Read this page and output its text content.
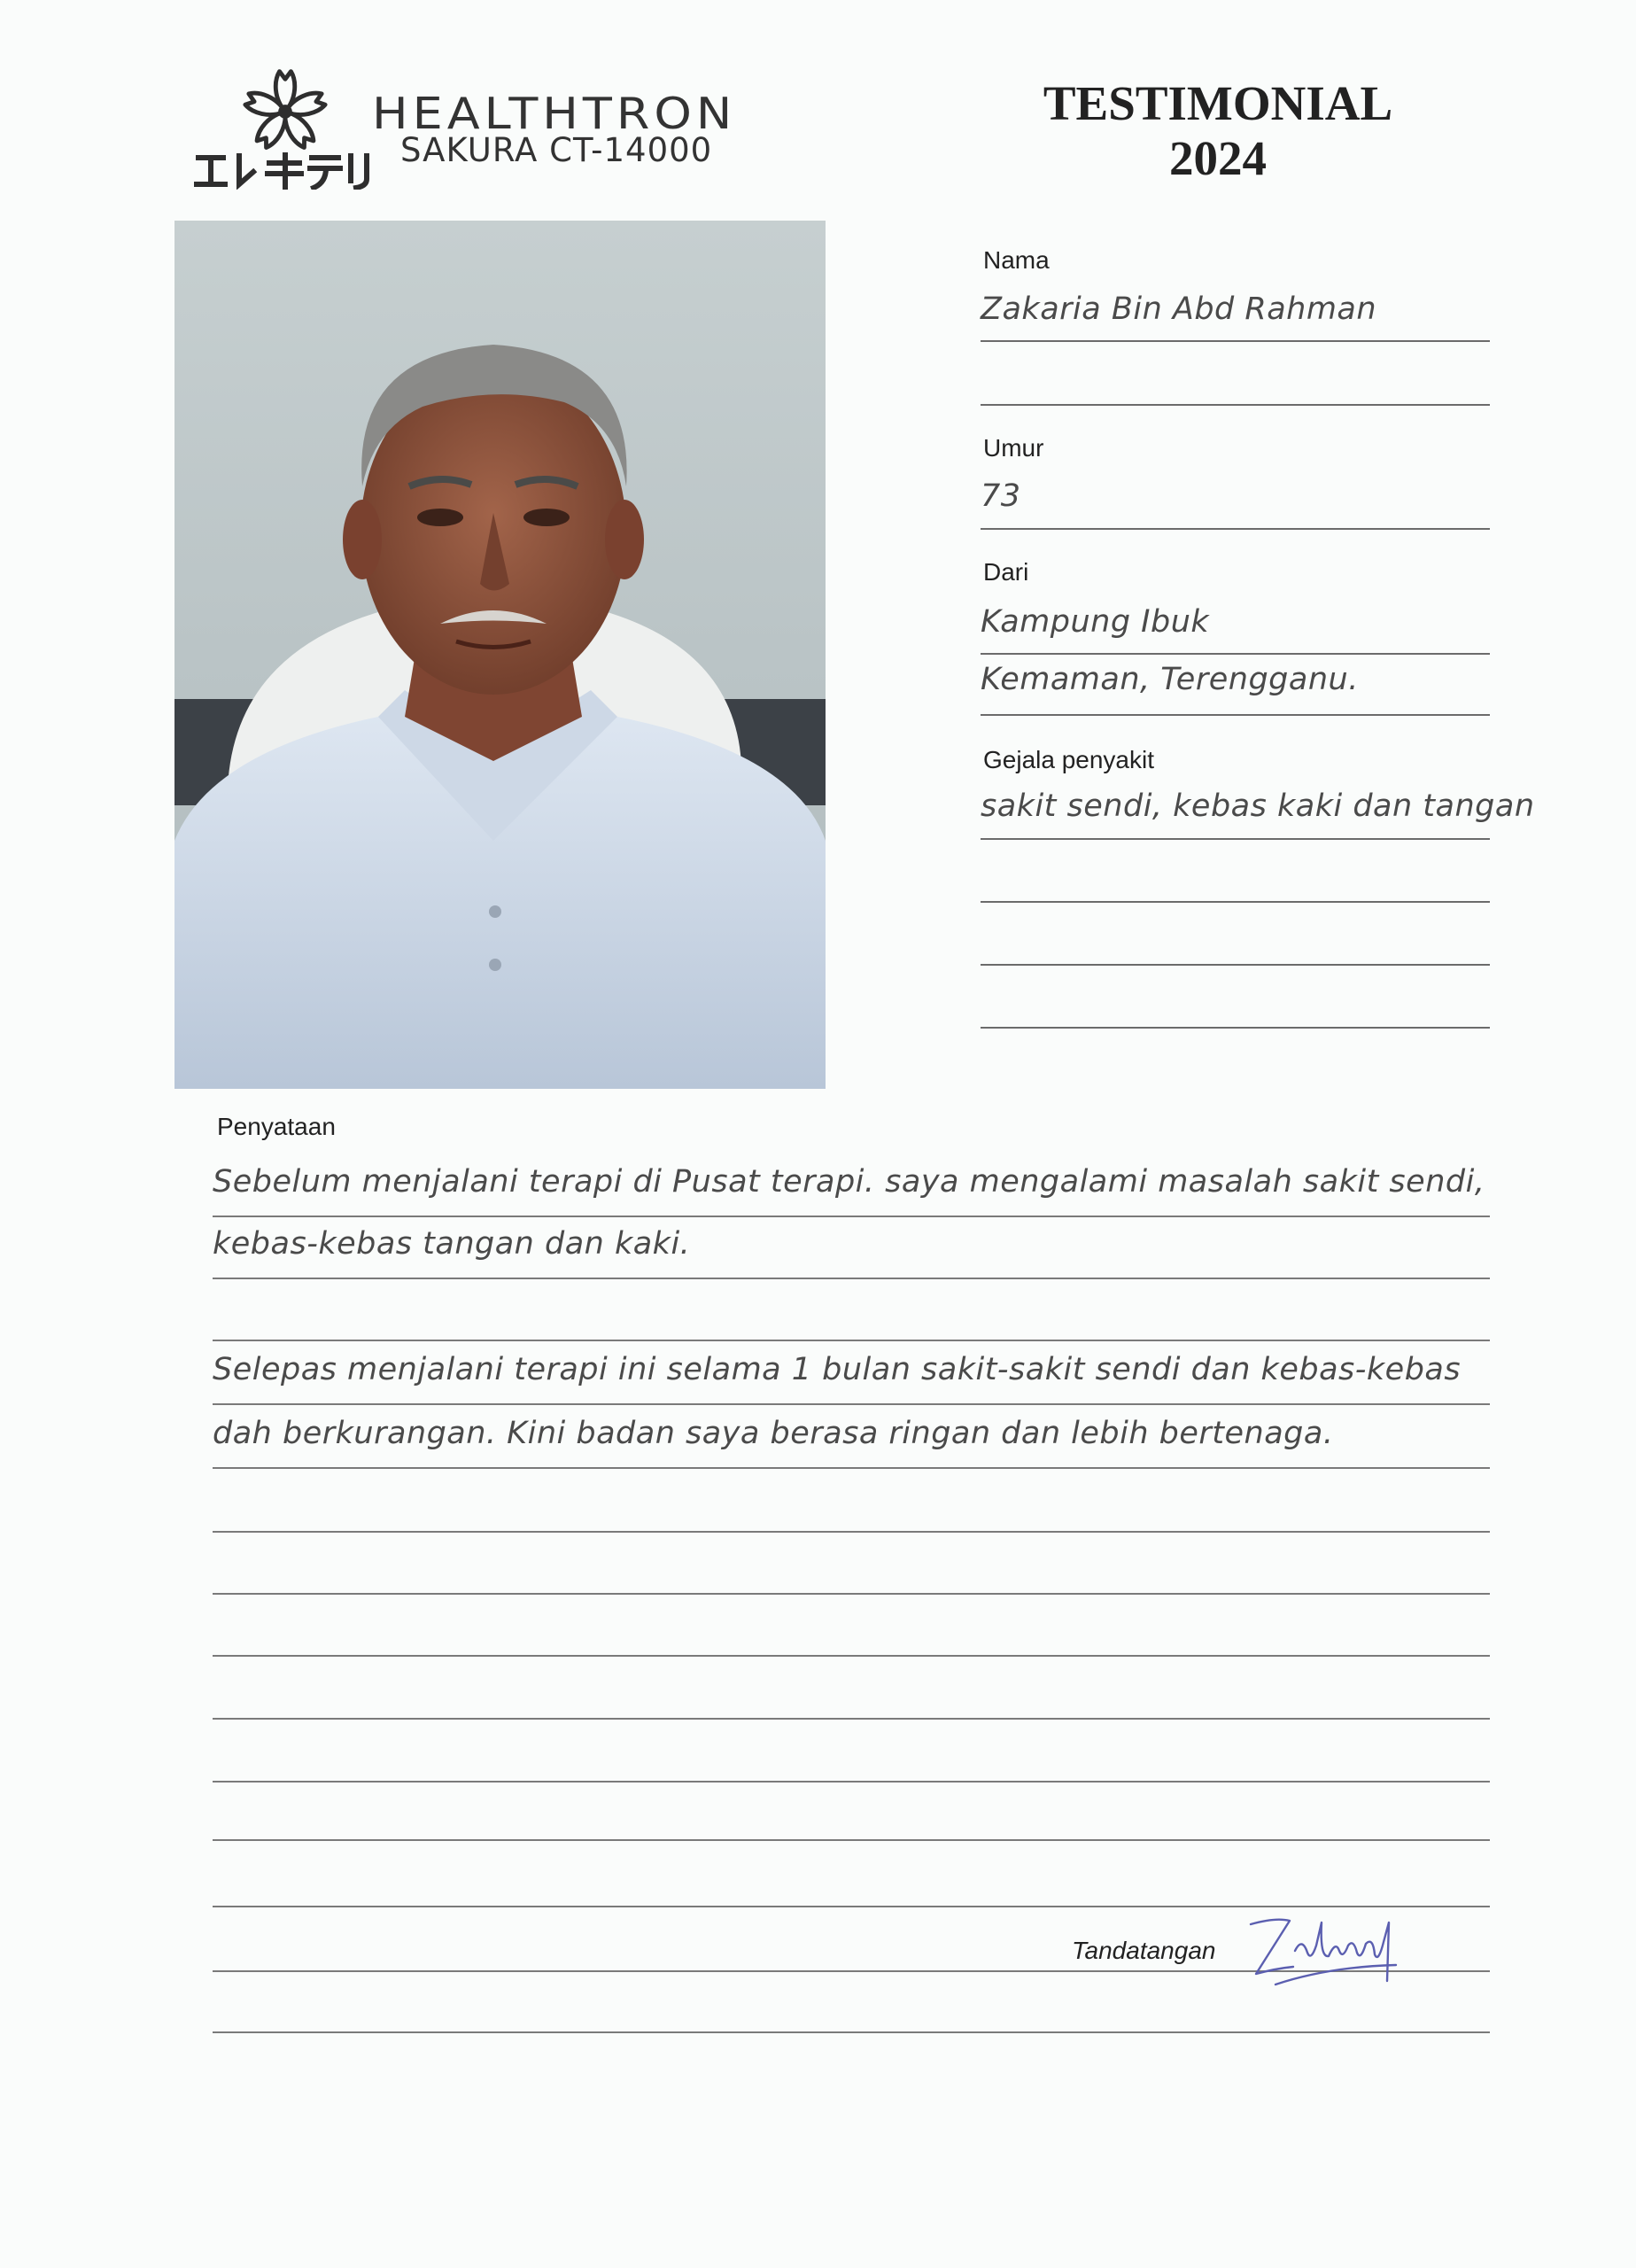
HEALTHTRON
SAKURA CT-14000
TESTIMONIAL
2024
Nama
Zakaria Bin Abd Rahman
Umur
73
Dari
Kampung Ibuk
Kemaman, Terengganu.
Gejala penyakit
sakit sendi, kebas kaki dan tangan
Penyataan
Sebelum menjalani terapi di Pusat terapi. saya mengalami masalah sakit sendi,
kebas-kebas tangan dan kaki.
Selepas menjalani terapi ini selama 1 bulan sakit-sakit sendi dan kebas-kebas
dah berkurangan. Kini badan saya berasa ringan dan lebih bertenaga.
Tandatangan
